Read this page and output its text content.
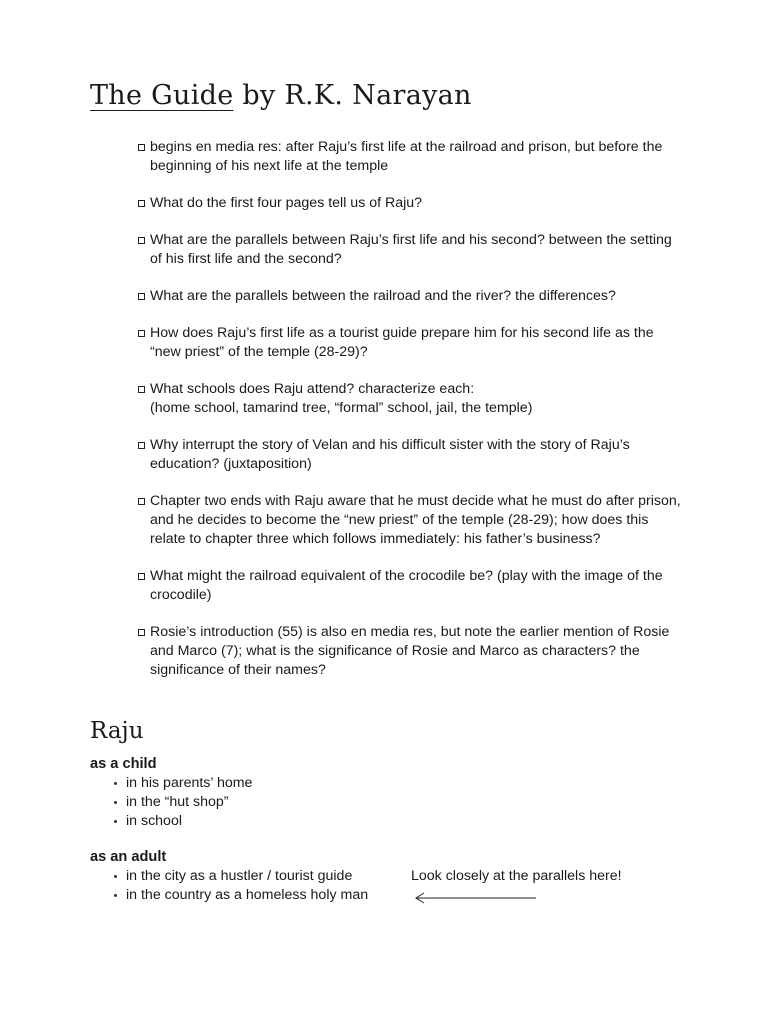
The Guide by R.K. Narayan
begins en media res: after Raju’s first life at the railroad and prison, but before the beginning of his next life at the temple
What do the first four pages tell us of Raju?
What are the parallels between Raju’s first life and his second? between the setting of his first life and the second?
What are the parallels between the railroad and the river? the differences?
How does Raju’s first life as a tourist guide prepare him for his second life as the “new priest” of the temple (28-29)?
What schools does Raju attend? characterize each:
(home school, tamarind tree, “formal” school, jail, the temple)
Why interrupt the story of Velan and his difficult sister with the story of Raju’s education? (juxtaposition)
Chapter two ends with Raju aware that he must decide what he must do after prison, and he decides to become the “new priest” of the temple (28-29); how does this relate to chapter three which follows immediately: his father’s business?
What might the railroad equivalent of the crocodile be? (play with the image of the crocodile)
Rosie’s introduction (55) is also en media res, but note the earlier mention of Rosie and Marco (7); what is the significance of Rosie and Marco as characters? the significance of their names?
Raju
as a child
in his parents’ home
in the “hut shop”
in school
as an adult
in the city as a hustler / tourist guide
in the country as a homeless holy man
Look closely at the parallels here!
